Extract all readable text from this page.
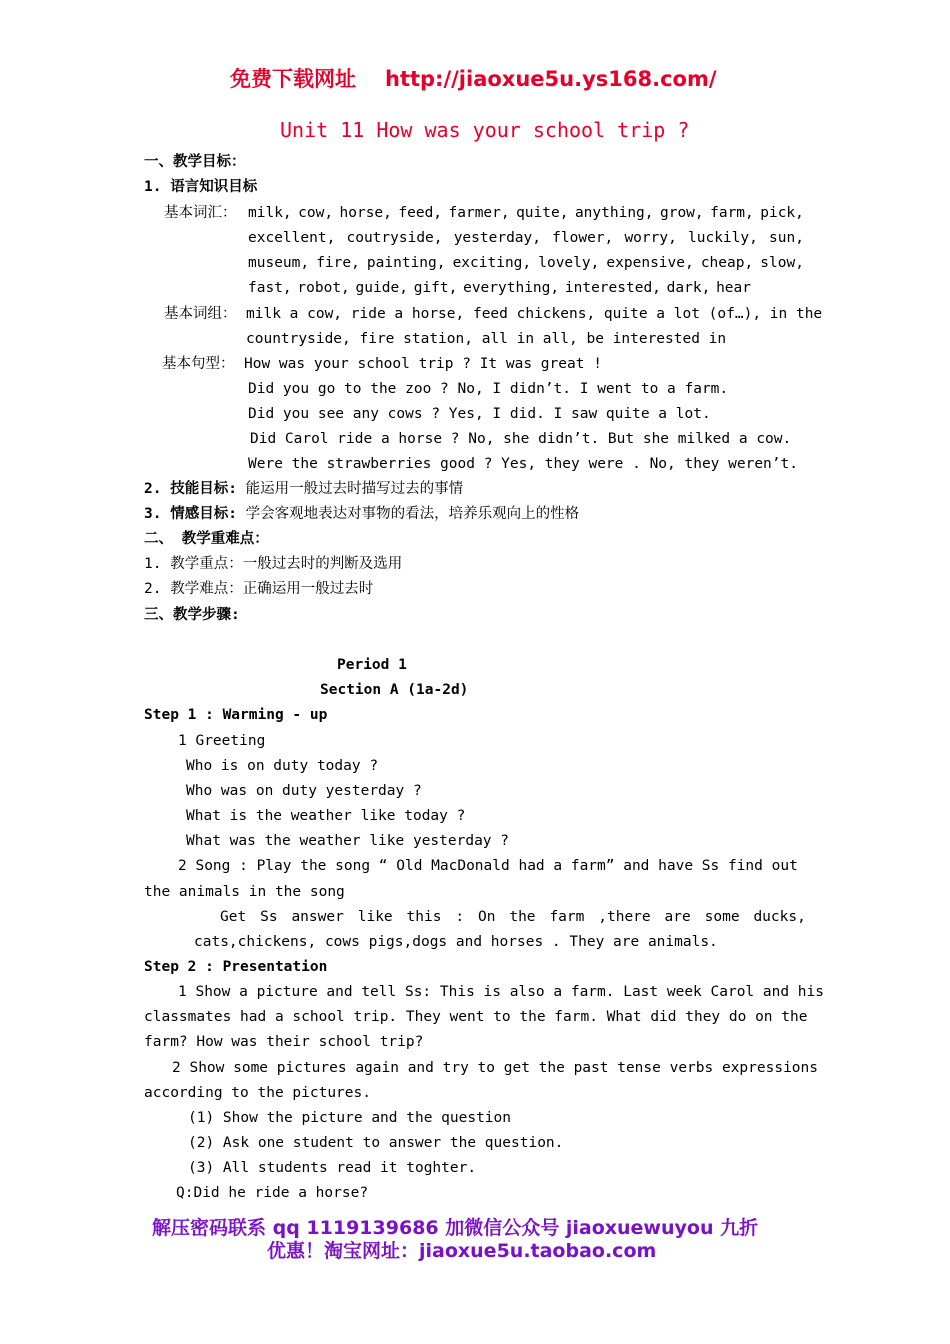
免费下载网址 http://jiaoxue5u.ys168.com/
Unit 11 How was your school trip ?
一、教学目标：
1. 语言知识目标
基本词汇：
基本词组： milk a cow, ride a horse, feed chickens, quite a lot (of…), in the
countryside, fire station, all in all, be interested in
基本句型： How was your school trip ? It was great !
Did you go to the zoo ? No, I didn’t. I went to a farm.
Did you see any cows ? Yes, I did. I saw quite a lot.
Did Carol ride a horse ? No, she didn’t. But she milked a cow.
Were the strawberries good ? Yes, they were . No, they weren’t.
2. 技能目标: 能运用一般过去时描写过去的事情
3. 情感目标: 学会客观地表达对事物的看法，培养乐观向上的性格
二、 教学重难点：
1. 教学重点：一般过去时的判断及选用
2. 教学难点：正确运用一般过去时
三、教学步骤:
Period 1
Section A (1a-2d)
Step 1 : Warming - up
1 Greeting
Who is on duty today ?
Who was on duty yesterday ?
What is the weather like today ?
What was the weather like yesterday ?
2 Song : Play the song “ Old MacDonald had a farm” and have Ss find out
the animals in the song
Get Ss answer like this : On the farm ,there are some ducks,
cats,chickens, cows pigs,dogs and horses . They are animals.
Step 2 : Presentation
1 Show a picture and tell Ss: This is also a farm. Last week Carol and his
classmates had a school trip. They went to the farm. What did they do on the
farm? How was their school trip?
2 Show some pictures again and try to get the past tense verbs expressions
according to the pictures.
(1) Show the picture and the question
(2) Ask one student to answer the question.
(3) All students read it toghter.
Q:Did he ride a horse?
解压密码联系 qq 1119139686 加微信公众号 jiaoxuewuyou 九折
优惠！淘宝网址：jiaoxue5u.taobao.com
milk, cow, horse, feed, farmer, quite, anything, grow, farm, pick,
excellent, coutryside, yesterday, flower, worry, luckily, sun,
museum, fire, painting, exciting, lovely, expensive, cheap, slow,
fast, robot, guide, gift, everything, interested, dark, hear
